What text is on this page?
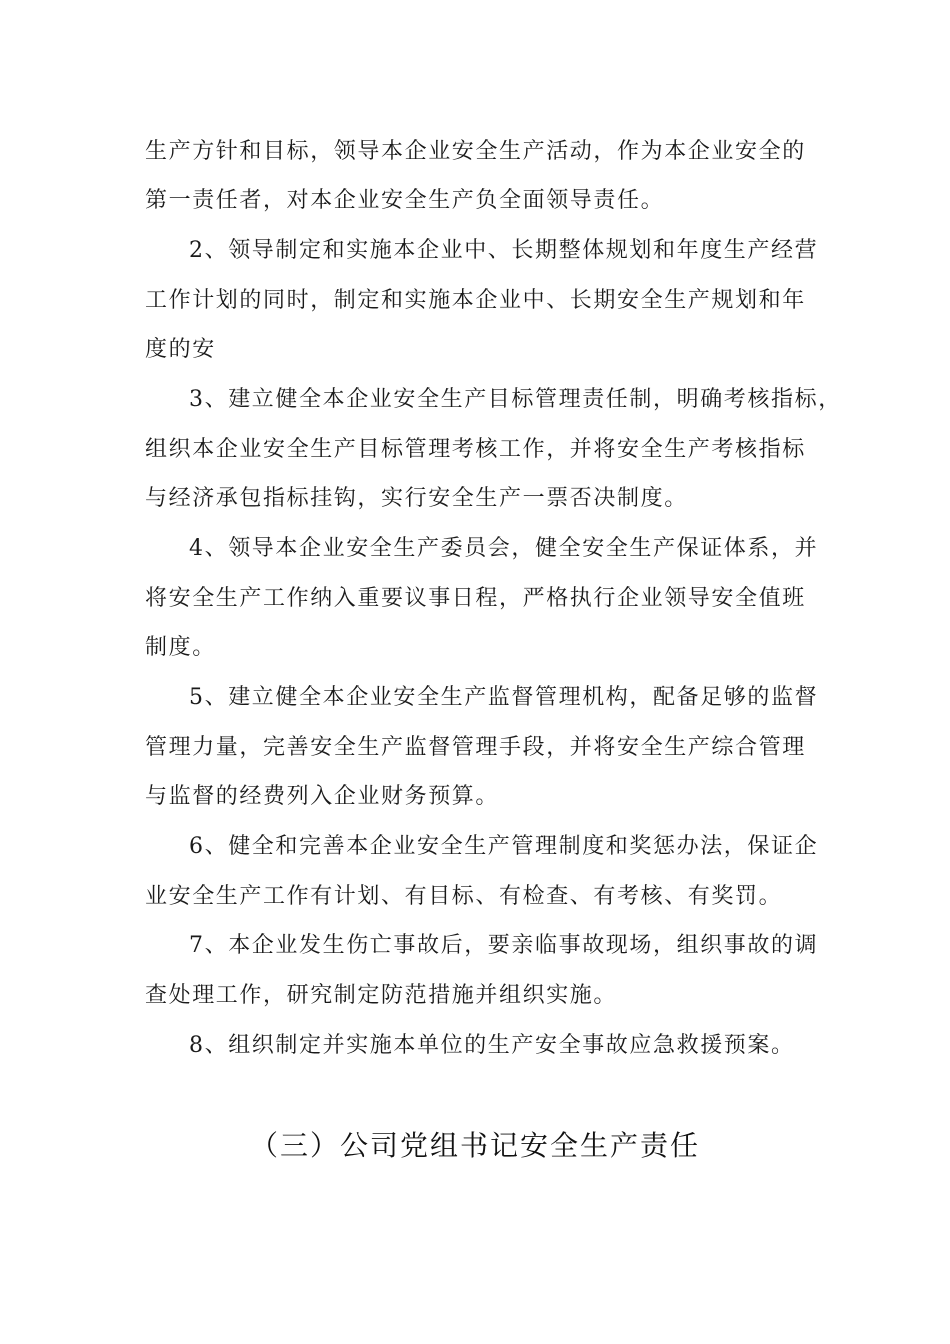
生产方针和目标，领导本企业安全生产活动，作为本企业安全的
第一责任者，对本企业安全生产负全面领导责任。
2、领导制定和实施本企业中、长期整体规划和年度生产经营
工作计划的同时，制定和实施本企业中、长期安全生产规划和年
度的安
3、建立健全本企业安全生产目标管理责任制，明确考核指标，
组织本企业安全生产目标管理考核工作，并将安全生产考核指标
与经济承包指标挂钩，实行安全生产一票否决制度。
4、领导本企业安全生产委员会，健全安全生产保证体系，并
将安全生产工作纳入重要议事日程，严格执行企业领导安全值班
制度。
5、建立健全本企业安全生产监督管理机构，配备足够的监督
管理力量，完善安全生产监督管理手段，并将安全生产综合管理
与监督的经费列入企业财务预算。
6、健全和完善本企业安全生产管理制度和奖惩办法，保证企
业安全生产工作有计划、有目标、有检查、有考核、有奖罚。
7、本企业发生伤亡事故后，要亲临事故现场，组织事故的调
查处理工作，研究制定防范措施并组织实施。
8、组织制定并实施本单位的生产安全事故应急救援预案。
（三）公司党组书记安全生产责任
